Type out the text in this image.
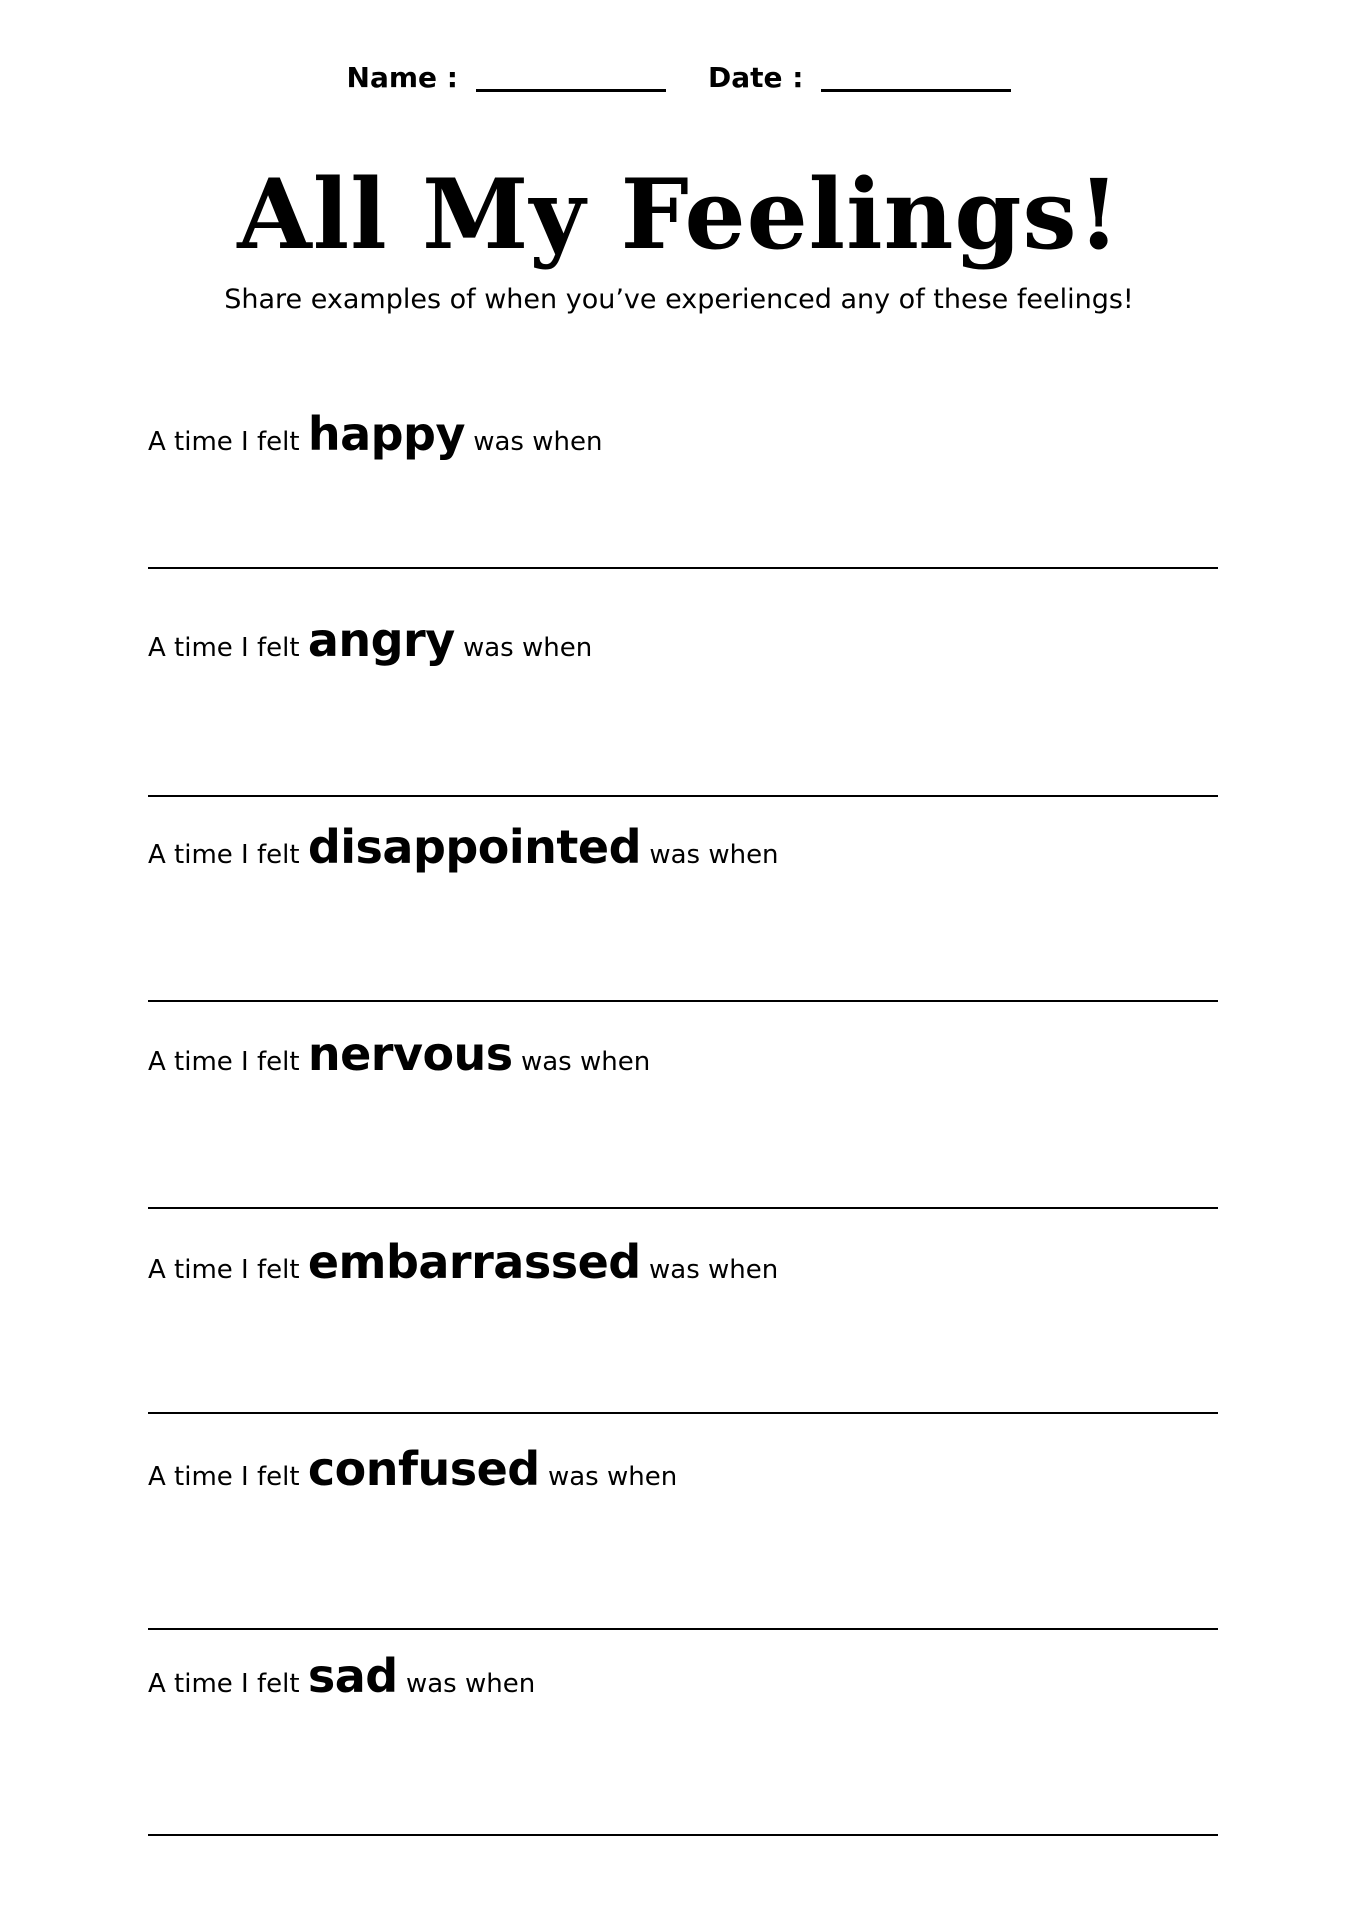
Name :	Date :
All My Feelings!
Share examples of when you’ve experienced any of these feelings!
A time I felt happy was when
A time I felt angry was when
A time I felt disappointed was when
A time I felt nervous was when
A time I felt embarrassed was when
A time I felt confused was when
A time I felt sad was when
